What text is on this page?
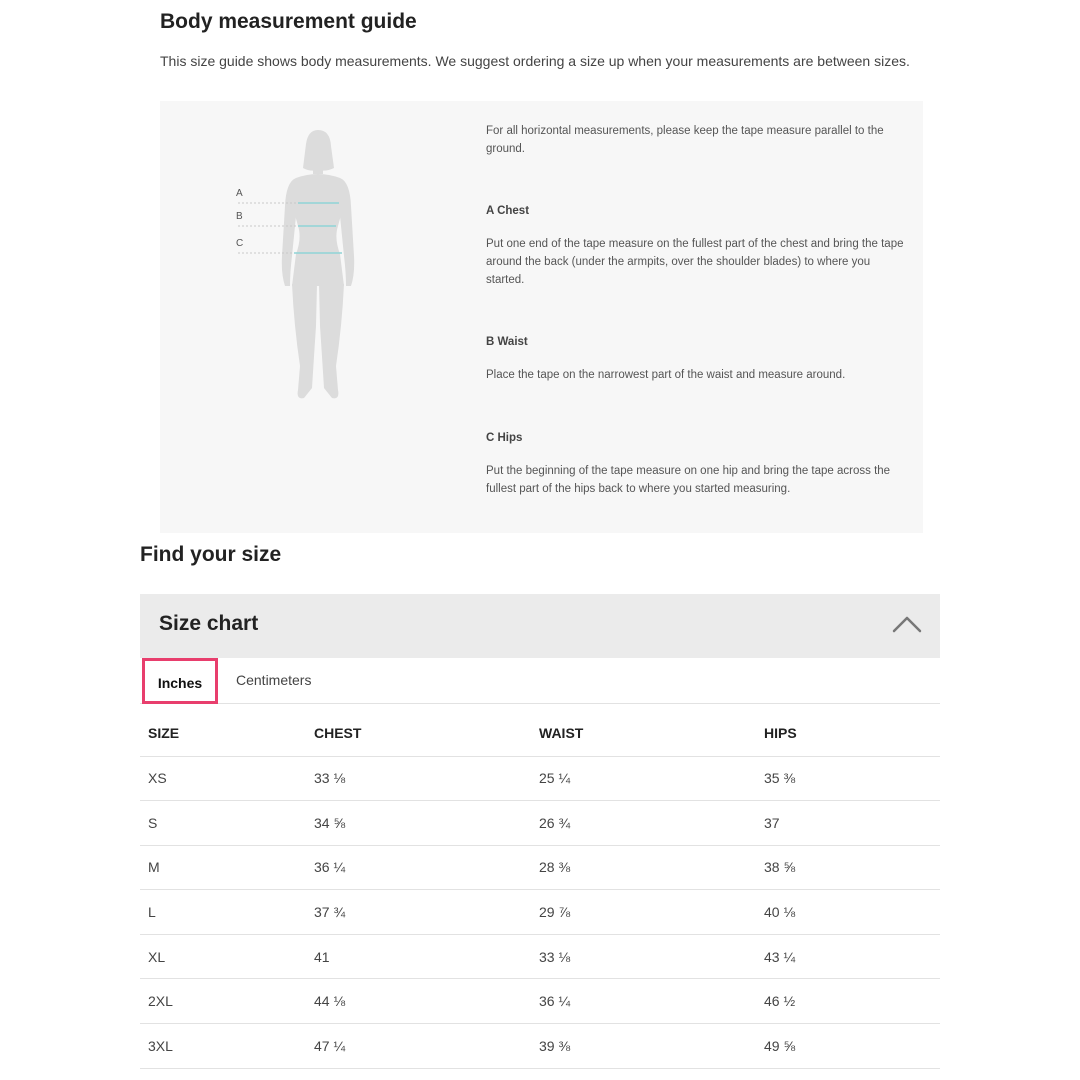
Body measurement guide

This size guide shows body measurements. We suggest ordering a size up when your measurements are between sizes.

A
B
C

For all horizontal measurements, please keep the tape measure parallel to the ground.

A Chest

Put one end of the tape measure on the fullest part of the chest and bring the tape around the back (under the armpits, over the shoulder blades) to where you started.

B Waist

Place the tape on the narrowest part of the waist and measure around.

C Hips

Put the beginning of the tape measure on one hip and bring the tape across the fullest part of the hips back to where you started measuring.

Find your size
Size chart
Inches	Centimeters
SIZE	CHEST	WAIST	HIPS
XS	33 ⅛	25 ¼	35 ⅜
S	34 ⅝	26 ¾	37
M	36 ¼	28 ⅜	38 ⅝
L	37 ¾	29 ⅞	40 ⅛
XL	41	33 ⅛	43 ¼
2XL	44 ⅛	36 ¼	46 ½
3XL	47 ¼	39 ⅜	49 ⅝
